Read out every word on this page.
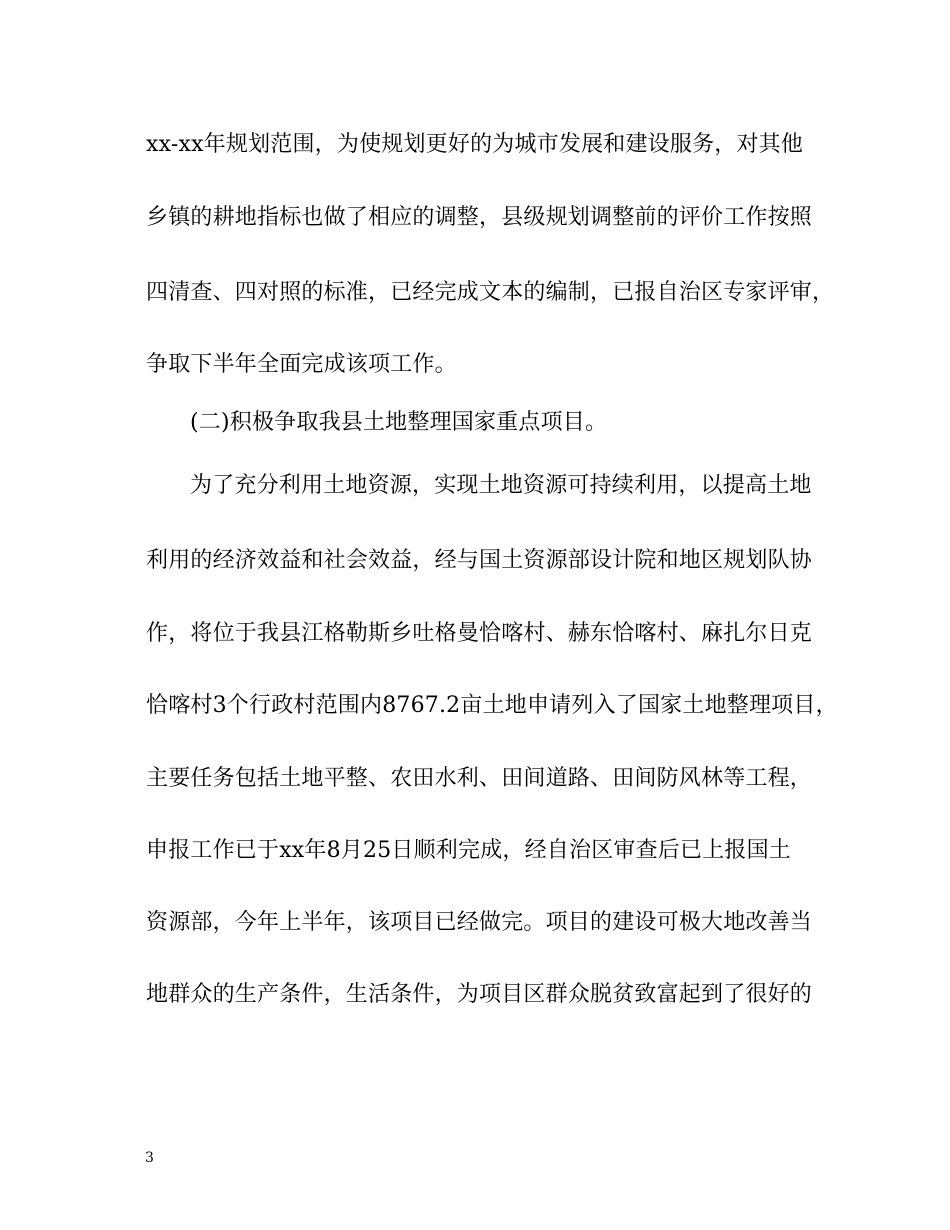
xx-xx年规划范围，为使规划更好的为城市发展和建设服务，对其他
乡镇的耕地指标也做了相应的调整，县级规划调整前的评价工作按照
四清查、四对照的标准，已经完成文本的编制，已报自治区专家评审，
争取下半年全面完成该项工作。
(二)积极争取我县土地整理国家重点项目。
为了充分利用土地资源，实现土地资源可持续利用，以提高土地
利用的经济效益和社会效益，经与国土资源部设计院和地区规划队协
作，将位于我县江格勒斯乡吐格曼恰喀村、赫东恰喀村、麻扎尔日克
恰喀村3个行政村范围内8767.2亩土地申请列入了国家土地整理项目，
主要任务包括土地平整、农田水利、田间道路、田间防风林等工程，
申报工作已于xx年8月25日顺利完成，经自治区审查后已上报国土
资源部，今年上半年，该项目已经做完。项目的建设可极大地改善当
地群众的生产条件，生活条件，为项目区群众脱贫致富起到了很好的
3
